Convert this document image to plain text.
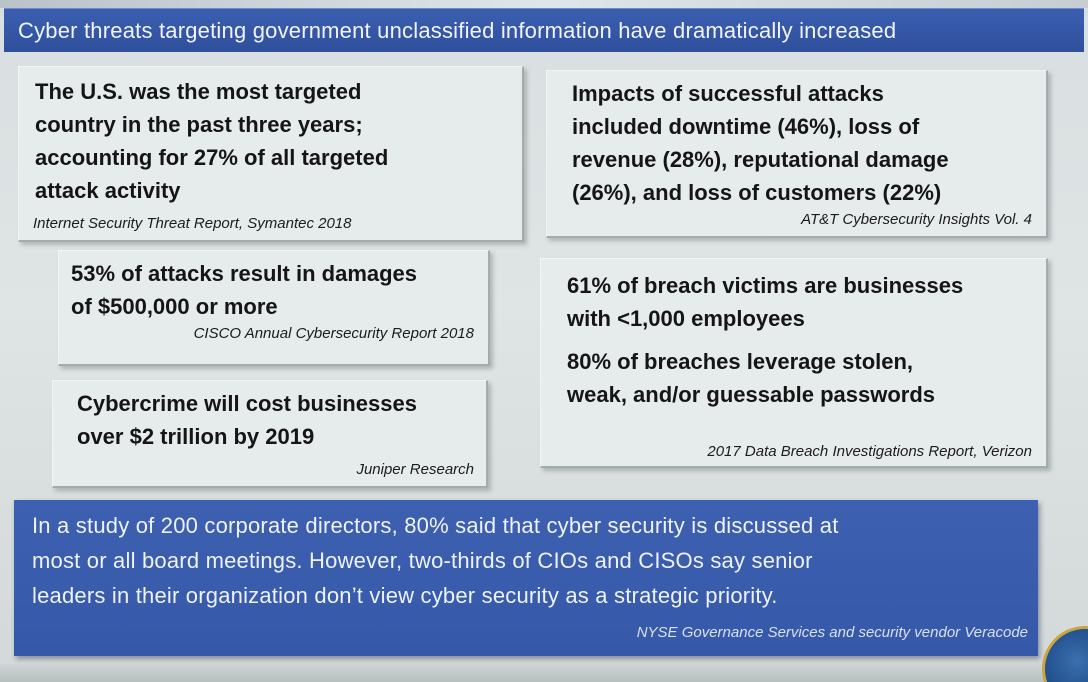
Cyber threats targeting government unclassified information have dramatically increased
The U.S. was the most targeted
country in the past three years;
accounting for 27% of all targeted
attack activity
Internet Security Threat Report, Symantec 2018
Impacts of successful attacks
included downtime (46%), loss of
revenue (28%), reputational damage
(26%), and loss of customers (22%)
AT&T Cybersecurity Insights Vol. 4
53% of attacks result in damages
of $500,000 or more
CISCO Annual Cybersecurity Report 2018
61% of breach victims are businesses
with <1,000 employees
80% of breaches leverage stolen,
weak, and/or guessable passwords
2017 Data Breach Investigations Report, Verizon
Cybercrime will cost businesses
over $2 trillion by 2019
Juniper Research
In a study of 200 corporate directors, 80% said that cyber security is discussed at
most or all board meetings. However, two-thirds of CIOs and CISOs say senior
leaders in their organization don’t view cyber security as a strategic priority.
NYSE Governance Services and security vendor Veracode
